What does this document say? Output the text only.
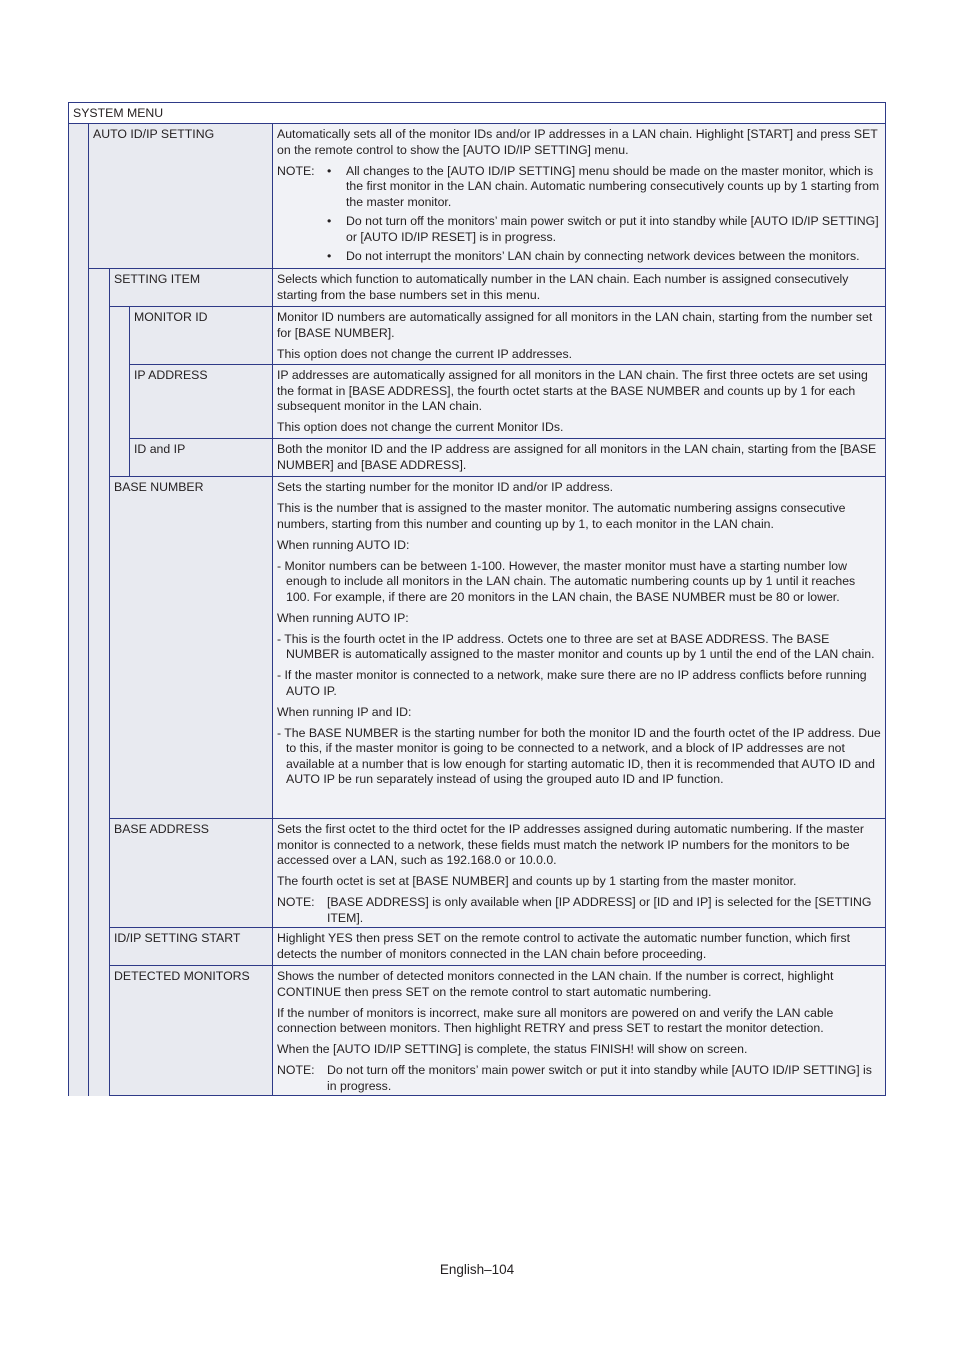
SYSTEM MENU
AUTO ID/IP SETTING	Automatically sets all of the monitor IDs and/or IP addresses in a LAN chain. Highlight [START] and press SET on the remote control to show the [AUTO ID/IP SETTING] menu.

NOTE:	•	All changes to the [AUTO ID/IP SETTING] menu should be made on the master monitor, which is the first monitor in the LAN chain. Automatic numbering consecutively counts up by 1 starting from the master monitor.
•	Do not turn off the monitors’ main power switch or put it into standby while [AUTO ID/IP SETTING] or [AUTO ID/IP RESET] is in progress.
•	Do not interrupt the monitors’ LAN chain by connecting network devices between the monitors.
SETTING ITEM	Selects which function to automatically number in the LAN chain. Each number is assigned consecutively starting from the base numbers set in this menu.

MONITOR ID	Monitor ID numbers are automatically assigned for all monitors in the LAN chain, starting from the number set for [BASE NUMBER].

This option does not change the current IP addresses.

IP ADDRESS	IP addresses are automatically assigned for all monitors in the LAN chain. The first three octets are set using the format in [BASE ADDRESS], the fourth octet starts at the BASE NUMBER and counts up by 1 for each subsequent monitor in the LAN chain.

This option does not change the current Monitor IDs.

ID and IP	Both the monitor ID and the IP address are assigned for all monitors in the LAN chain, starting from the [BASE NUMBER] and [BASE ADDRESS].

BASE NUMBER	Sets the starting number for the monitor ID and/or IP address.

This is the number that is assigned to the master monitor. The automatic numbering assigns consecutive numbers, starting from this number and counting up by 1, to each monitor in the LAN chain.

When running AUTO ID:

- Monitor numbers can be between 1-100. However, the master monitor must have a starting number low enough to include all monitors in the LAN chain. The automatic numbering counts up by 1 until it reaches 100. For example, if there are 20 monitors in the LAN chain, the BASE NUMBER must be 80 or lower.

When running AUTO IP:

- This is the fourth octet in the IP address. Octets one to three are set at BASE ADDRESS. The BASE NUMBER is automatically assigned to the master monitor and counts up by 1 until the end of the LAN chain.

- If the master monitor is connected to a network, make sure there are no IP address conflicts before running AUTO IP.

When running IP and ID:

- The BASE NUMBER is the starting number for both the monitor ID and the fourth octet of the IP address. Due to this, if the master monitor is going to be connected to a network, and a block of IP addresses are not available at a number that is low enough for starting automatic ID, then it is recommended that AUTO ID and AUTO IP be run separately instead of using the grouped auto ID and IP function.

BASE ADDRESS	Sets the first octet to the third octet for the IP addresses assigned during automatic numbering. If the master monitor is connected to a network, these fields must match the network IP numbers for the monitors to be accessed over a LAN, such as 192.168.0 or 10.0.0.

The fourth octet is set at [BASE NUMBER] and counts up by 1 starting from the master monitor.

NOTE:	[BASE ADDRESS] is only available when [IP ADDRESS] or [ID and IP] is selected for the [SETTING ITEM].
ID/IP SETTING START	Highlight YES then press SET on the remote control to activate the automatic number function, which first detects the number of monitors connected in the LAN chain before proceeding.

DETECTED MONITORS	Shows the number of detected monitors connected in the LAN chain. If the number is correct, highlight CONTINUE then press SET on the remote control to start automatic numbering.

If the number of monitors is incorrect, make sure all monitors are powered on and verify the LAN cable connection between monitors. Then highlight RETRY and press SET to restart the monitor detection.

When the [AUTO ID/IP SETTING] is complete, the status FINISH! will show on screen.

NOTE:	Do not turn off the monitors’ main power switch or put it into standby while [AUTO ID/IP SETTING] is in progress.
English–104
